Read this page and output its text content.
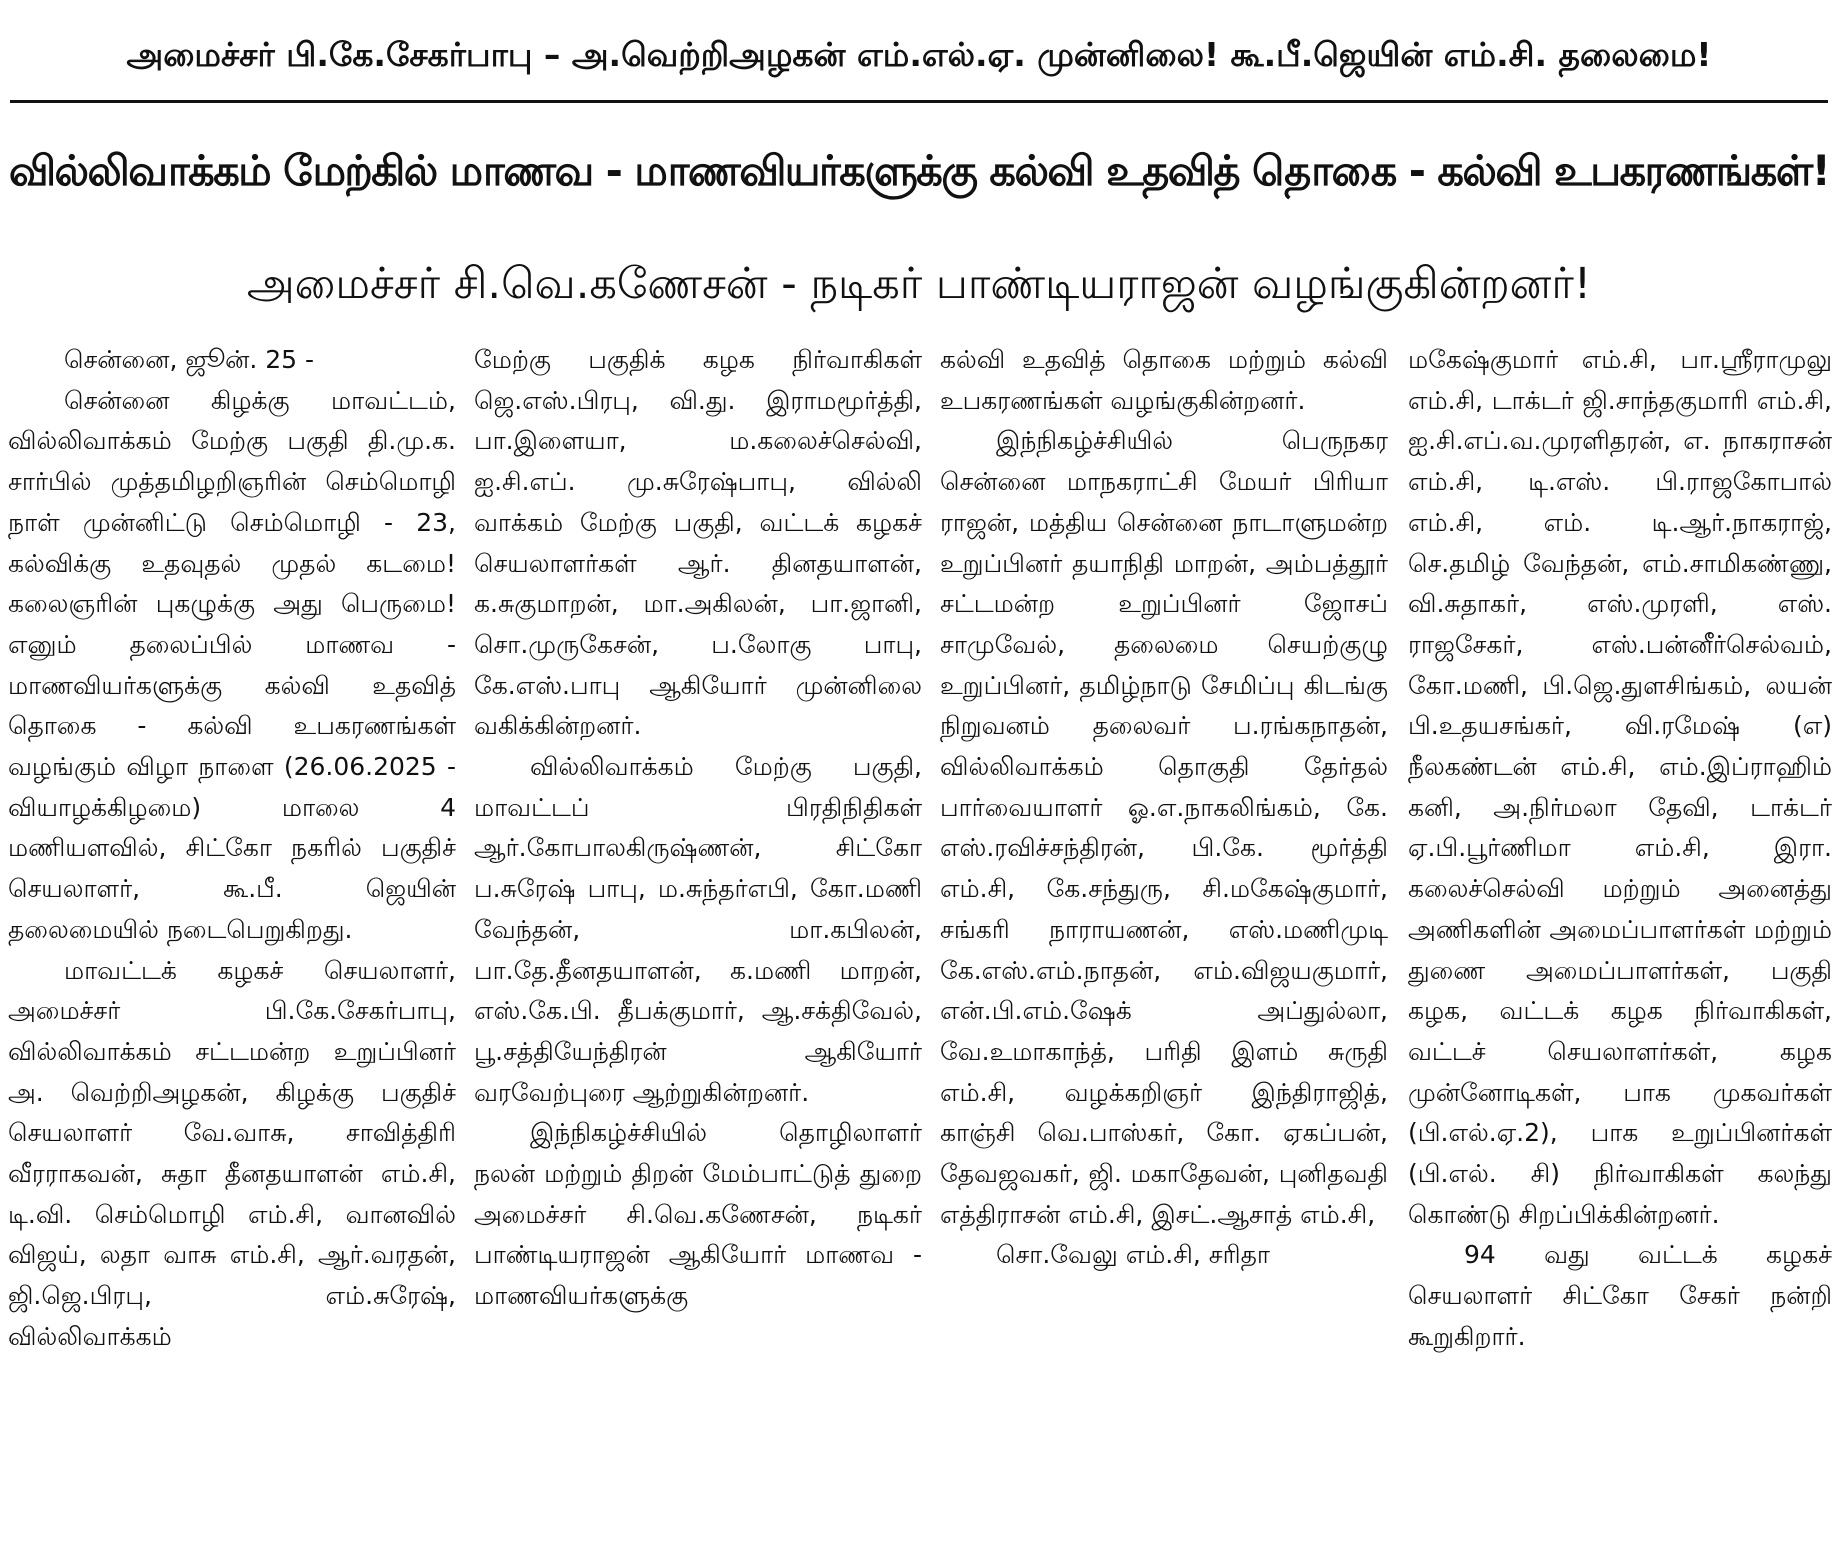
அமைச்சர் பி.கே.சேகர்பாபு – அ.வெற்றிஅழகன் எம்.எல்.ஏ. முன்னிலை! கூ.பீ.ஜெயின் எம்.சி. தலைமை!
வில்லிவாக்கம் மேற்கில் மாணவ - மாணவியர்களுக்கு கல்வி உதவித் தொகை - கல்வி உபகரணங்கள்!
அமைச்சர் சி.வெ.கணேசன் - நடிகர் பாண்டியராஜன் வழங்குகின்றனர்!

சென்னை, ஜூன். 25 -

சென்னை கிழக்கு மாவட்டம், வில்லிவாக்கம் மேற்கு பகுதி தி.மு.க. சார்பில் முத்தமிழறிஞரின் செம்மொழி நாள் முன்னிட்டு செம்மொழி - 23, கல்விக்கு உதவுதல் முதல் கடமை! கலைஞரின் புகழுக்கு அது பெருமை! எனும் தலைப்பில் மாணவ - மாணவியர்களுக்கு கல்வி உதவித் தொகை - கல்வி உபகரணங்கள் வழங்கும் விழா நாளை (26.06.2025 - வியாழக்கிழமை) மாலை 4 மணியளவில், சிட்கோ நகரில் பகுதிச் செயலாளர், கூ.பீ. ஜெயின் தலைமையில் நடைபெறுகிறது.

மாவட்டக் கழகச் செயலாளர், அமைச்சர் பி.கே.சேகர்பாபு, வில்லிவாக்கம் சட்டமன்ற உறுப்பினர் அ. வெற்றிஅழகன், கிழக்கு பகுதிச் செயலாளர் வே.வாசு, சாவித்திரி வீரராகவன், சுதா தீனதயாளன் எம்.சி, டி.வி. செம்மொழி எம்.சி, வானவில் விஜய், லதா வாசு எம்.சி, ஆர்.வரதன், ஜி.ஜெ.பிரபு, எம்.சுரேஷ், வில்லிவாக்கம்

மேற்கு பகுதிக் கழக நிர்வாகிகள் ஜெ.எஸ்.பிரபு, வி.து. இராமமூர்த்தி, பா.இளையா, ம.கலைச்செல்வி, ஐ.சி.எப். மு.சுரேஷ்பாபு, வில்லி வாக்கம் மேற்கு பகுதி, வட்டக் கழகச் செயலாளர்கள் ஆர். தினதயாளன், க.சுகுமாறன், மா.அகிலன், பா.ஜானி, சொ.முருகேசன், ப.லோகு பாபு, கே.எஸ்.பாபு ஆகியோர் முன்னிலை வகிக்கின்றனர்.

வில்லிவாக்கம் மேற்கு பகுதி, மாவட்டப் பிரதிநிதிகள் ஆர்.கோபாலகிருஷ்ணன், சிட்கோ ப.சுரேஷ் பாபு, ம.சுந்தர்எபி, கோ.மணி வேந்தன், மா.கபிலன், பா.தே.தீனதயாளன், க.மணி மாறன், எஸ்.கே.பி. தீபக்குமார், ஆ.சக்திவேல், பூ.சத்தியேந்திரன் ஆகியோர் வரவேற்புரை ஆற்றுகின்றனர்.

இந்நிகழ்ச்சியில் தொழிலாளர் நலன் மற்றும் திறன் மேம்பாட்டுத் துறை அமைச்சர் சி.வெ.கணேசன், நடிகர் பாண்டியராஜன் ஆகியோர் மாணவ - மாணவியர்களுக்கு

கல்வி உதவித் தொகை மற்றும் கல்வி உபகரணங்கள் வழங்குகின்றனர்.

இந்நிகழ்ச்சியில் பெருநகர சென்னை மாநகராட்சி மேயர் பிரியா ராஜன், மத்திய சென்னை நாடாளுமன்ற உறுப்பினர் தயாநிதி மாறன், அம்பத்தூர் சட்டமன்ற உறுப்பினர் ஜோசப் சாமுவேல், தலைமை செயற்குழு உறுப்பினர், தமிழ்நாடு சேமிப்பு கிடங்கு நிறுவனம் தலைவர் ப.ரங்கநாதன், வில்லிவாக்கம் தொகுதி தேர்தல் பார்வையாளர் ஓ.எ.நாகலிங்கம், கே. எஸ்.ரவிச்சந்திரன், பி.கே. மூர்த்தி எம்.சி, கே.சந்துரு, சி.மகேஷ்குமார், சங்கரி நாராயணன், எஸ்.மணிமுடி கே.எஸ்.எம்.நாதன், எம்.விஜயகுமார், என்.பி.எம்.ஷேக் அப்துல்லா, வே.உமாகாந்த், பரிதி இளம் சுருதி எம்.சி, வழக்கறிஞர் இந்திராஜித், காஞ்சி வெ.பாஸ்கர், கோ. ஏகப்பன், தேவஜவகர், ஜி. மகாதேவன், புனிதவதி எத்திராசன் எம்.சி, இசட்.ஆசாத் எம்.சி,

சொ.வேலு எம்.சி, சரிதா

மகேஷ்குமார் எம்.சி, பா.ஸ்ரீராமுலு எம்.சி, டாக்டர் ஜி.சாந்தகுமாரி எம்.சி, ஐ.சி.எப்.வ.முரளிதரன், எ. நாகராசன் எம்.சி, டி.எஸ். பி.ராஜகோபால் எம்.சி, எம். டி.ஆர்.நாகராஜ், செ.தமிழ் வேந்தன், எம்.சாமிகண்ணு, வி.சுதாகர், எஸ்.முரளி, எஸ். ராஜசேகர், எஸ்.பன்னீர்செல்வம், கோ.மணி, பி.ஜெ.துளசிங்கம், லயன் பி.உதயசங்கர், வி.ரமேஷ் (எ) நீலகண்டன் எம்.சி, எம்.இப்ராஹிம் கனி, அ.நிர்மலா தேவி, டாக்டர் ஏ.பி.பூர்ணிமா எம்.சி, இரா. கலைச்செல்வி மற்றும் அனைத்து அணிகளின் அமைப்பாளர்கள் மற்றும் துணை அமைப்பாளர்கள், பகுதி கழக, வட்டக் கழக நிர்வாகிகள், வட்டச் செயலாளர்கள், கழக முன்னோடிகள், பாக முகவர்கள் (பி.எல்.ஏ.2), பாக உறுப்பினர்கள் (பி.எல். சி) நிர்வாகிகள் கலந்து கொண்டு சிறப்பிக்கின்றனர்.

94 வது வட்டக் கழகச் செயலாளர் சிட்கோ சேகர் நன்றி கூறுகிறார்.
